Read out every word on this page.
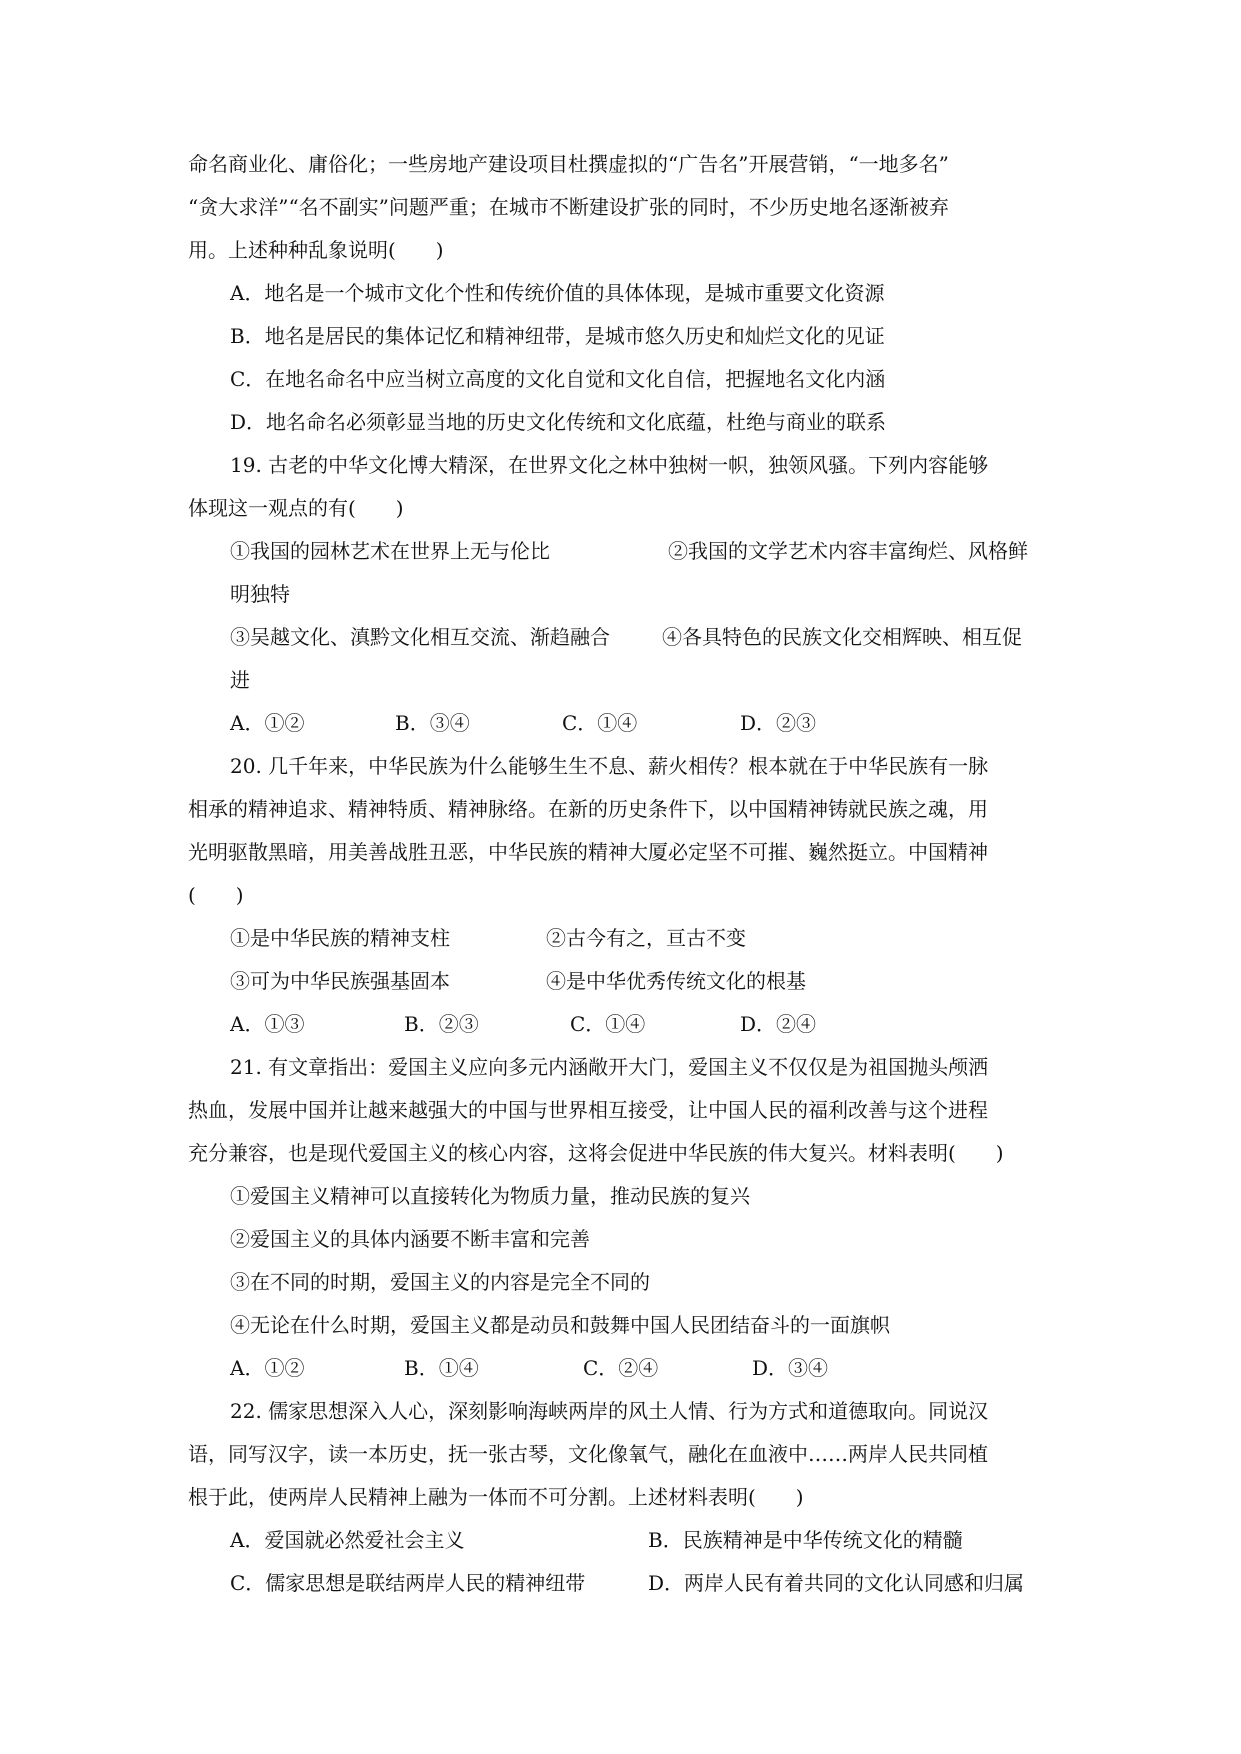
命名商业化、庸俗化；一些房地产建设项目杜撰虚拟的“广告名”开展营销，“一地多名”
“贪大求洋”“名不副实”问题严重；在城市不断建设扩张的同时，不少历史地名逐渐被弃
用。上述种种乱象说明(　　)
A．地名是一个城市文化个性和传统价值的具体体现，是城市重要文化资源
B．地名是居民的集体记忆和精神纽带，是城市悠久历史和灿烂文化的见证
C．在地名命名中应当树立高度的文化自觉和文化自信，把握地名文化内涵
D．地名命名必须彰显当地的历史文化传统和文化底蕴，杜绝与商业的联系
19. 古老的中华文化博大精深，在世界文化之林中独树一帜，独领风骚。下列内容能够
体现这一观点的有(　　)
①我国的园林艺术在世界上无与伦比	②我国的文学艺术内容丰富绚烂、风格鲜
明独特
③吴越文化、滇黔文化相互交流、渐趋融合	④各具特色的民族文化交相辉映、相互促
进
A．①②	B．③④	C．①④	D．②③
20. 几千年来，中华民族为什么能够生生不息、薪火相传？根本就在于中华民族有一脉
相承的精神追求、精神特质、精神脉络。在新的历史条件下，以中国精神铸就民族之魂，用
光明驱散黑暗，用美善战胜丑恶，中华民族的精神大厦必定坚不可摧、巍然挺立。中国精神
(　　)
①是中华民族的精神支柱	②古今有之，亘古不变
③可为中华民族强基固本	④是中华优秀传统文化的根基
A．①③	B．②③	C．①④	D．②④
21. 有文章指出：爱国主义应向多元内涵敞开大门，爱国主义不仅仅是为祖国抛头颅洒
热血，发展中国并让越来越强大的中国与世界相互接受，让中国人民的福利改善与这个进程
充分兼容，也是现代爱国主义的核心内容，这将会促进中华民族的伟大复兴。材料表明(　　)
①爱国主义精神可以直接转化为物质力量，推动民族的复兴
②爱国主义的具体内涵要不断丰富和完善
③在不同的时期，爱国主义的内容是完全不同的
④无论在什么时期，爱国主义都是动员和鼓舞中国人民团结奋斗的一面旗帜
A．①②	B．①④	C．②④	D．③④
22. 儒家思想深入人心，深刻影响海峡两岸的风土人情、行为方式和道德取向。同说汉
语，同写汉字，读一本历史，抚一张古琴，文化像氧气，融化在血液中……两岸人民共同植
根于此，使两岸人民精神上融为一体而不可分割。上述材料表明(　　)
A．爱国就必然爱社会主义	B．民族精神是中华传统文化的精髓
C．儒家思想是联结两岸人民的精神纽带	D．两岸人民有着共同的文化认同感和归属
